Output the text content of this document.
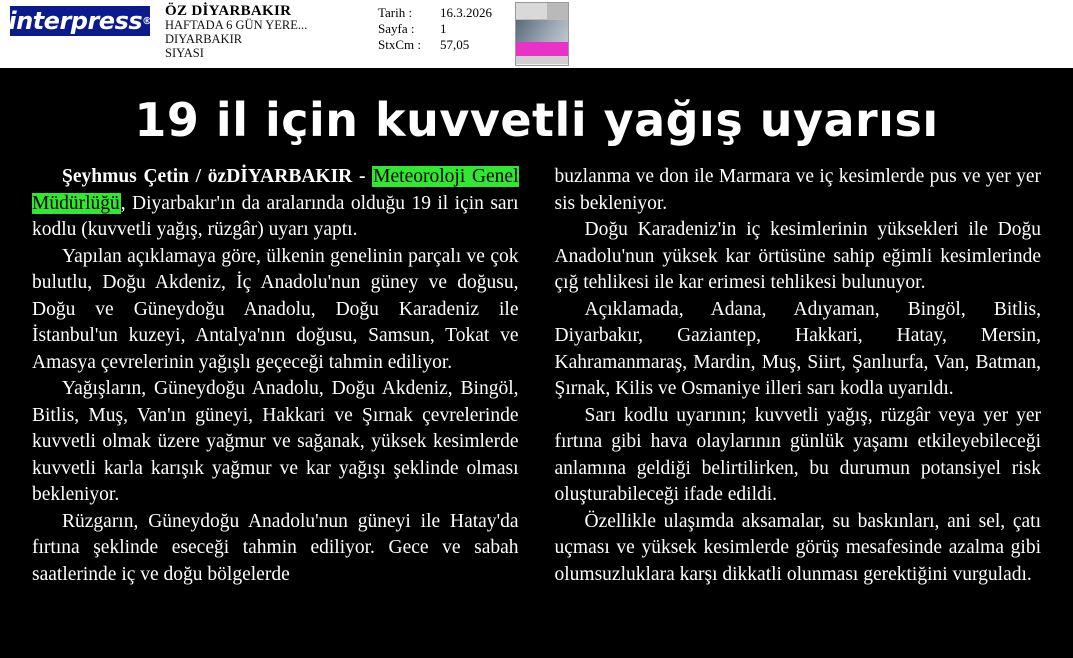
interpress ®
ÖZ DİYARBAKIR
HAFTADA 6 GÜN YERE...
DIYARBAKIR
SIYASI
Tarih :	16.3.2026
Sayfa :	1
StxCm :	57,05
19 il için kuvvetli yağış uyarısı

Şeyhmus Çetin / özDİYARBAKIR - Meteoroloji Genel Müdürlüğü, Diyarbakır'ın da aralarında olduğu 19 il için sarı kodlu (kuvvetli yağış, rüzgâr) uyarı yaptı.

Yapılan açıklamaya göre, ülkenin genelinin parçalı ve çok bulutlu, Doğu Akdeniz, İç Anadolu'nun güney ve doğusu, Doğu ve Güneydoğu Anadolu, Doğu Karadeniz ile İstanbul'un kuzeyi, Antalya'nın doğusu, Samsun, Tokat ve Amasya çevrelerinin yağışlı geçeceği tahmin ediliyor.

Yağışların, Güneydoğu Anadolu, Doğu Akdeniz, Bingöl, Bitlis, Muş, Van'ın güneyi, Hakkari ve Şırnak çevrelerinde kuvvetli olmak üzere yağmur ve sağanak, yüksek kesimlerde kuvvetli karla karışık yağmur ve kar yağışı şeklinde olması bekleniyor.

Rüzgarın, Güneydoğu Anadolu'nun güneyi ile Hatay'da fırtına şeklinde eseceği tahmin ediliyor. Gece ve sabah saatlerinde iç ve doğu bölgelerde

buzlanma ve don ile Marmara ve iç kesimlerde pus ve yer yer sis bekleniyor.

Doğu Karadeniz'in iç kesimlerinin yüksekleri ile Doğu Anadolu'nun yüksek kar örtüsüne sahip eğimli kesimlerinde çığ tehlikesi ile kar erimesi tehlikesi bulunuyor.

Açıklamada, Adana, Adıyaman, Bingöl, Bitlis, Diyarbakır, Gaziantep, Hakkari, Hatay, Mersin, Kahramanmaraş, Mardin, Muş, Siirt, Şanlıurfa, Van, Batman, Şırnak, Kilis ve Osmaniye illeri sarı kodla uyarıldı.

Sarı kodlu uyarının; kuvvetli yağış, rüzgâr veya yer yer fırtına gibi hava olaylarının günlük yaşamı etkileyebileceği anlamına geldiği belirtilirken, bu durumun potansiyel risk oluşturabileceği ifade edildi.

Özellikle ulaşımda aksamalar, su baskınları, ani sel, çatı uçması ve yüksek kesimlerde görüş mesafesinde azalma gibi olumsuzluklara karşı dikkatli olunması gerektiğini vurguladı.
